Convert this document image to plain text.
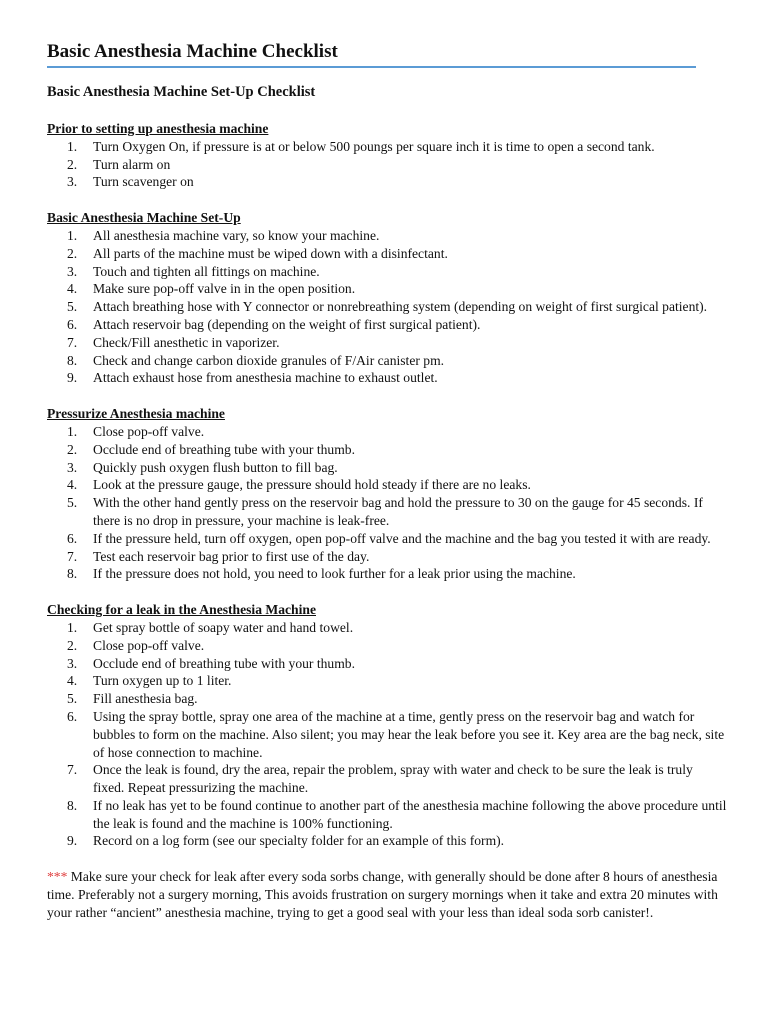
Basic Anesthesia Machine Checklist
Basic Anesthesia Machine Set-Up Checklist
Prior to setting up anesthesia machine
1.	Turn Oxygen On, if pressure is at or below 500 poungs per square inch it is time to open a second tank.
2.	Turn alarm on
3.	Turn scavenger on
Basic Anesthesia Machine Set-Up
1.	All anesthesia machine vary, so know your machine.
2.	All parts of the machine must be wiped down with a disinfectant.
3.	Touch and tighten all fittings on machine.
4.	Make sure pop-off valve in in the open position.
5.	Attach breathing hose with Y connector or nonrebreathing system (depending on weight of first surgical patient).
6.	Attach reservoir bag (depending on the weight of first surgical patient).
7.	Check/Fill anesthetic in vaporizer.
8.	Check and change carbon dioxide granules of F/Air canister pm.
9.	Attach exhaust hose from anesthesia machine to exhaust outlet.
Pressurize Anesthesia machine
1.	Close pop-off valve.
2.	Occlude end of breathing tube with your thumb.
3.	Quickly push oxygen flush button to fill bag.
4.	Look at the pressure gauge, the pressure should hold steady if there are no leaks.
5.	With the other hand gently press on the reservoir bag and hold the pressure to 30 on the gauge for 45 seconds. If there is no drop in pressure, your machine is leak-free.
6.	If the pressure held, turn off oxygen, open pop-off valve and the machine and the bag you tested it with are ready.
7.	Test each reservoir bag prior to first use of the day.
8.	If the pressure does not hold, you need to look further for a leak prior using the machine.
Checking for a leak in the Anesthesia Machine
1.	Get spray bottle of soapy water and hand towel.
2.	Close pop-off valve.
3.	Occlude end of breathing tube with your thumb.
4.	Turn oxygen up to 1 liter.
5.	Fill anesthesia bag.
6.	Using the spray bottle, spray one area of the machine at a time, gently press on the reservoir bag and watch for bubbles to form on the machine. Also silent; you may hear the leak before you see it. Key area are the bag neck, site of hose connection to machine.
7.	Once the leak is found, dry the area, repair the problem, spray with water and check to be sure the leak is truly fixed. Repeat pressurizing the machine.
8.	If no leak has yet to be found continue to another part of the anesthesia machine following the above procedure until the leak is found and the machine is 100% functioning.
9.	Record on a log form (see our specialty folder for an example of this form).
*** Make sure your check for leak after every soda sorbs change, with generally should be done after 8 hours of anesthesia time. Preferably not a surgery morning, This avoids frustration on surgery mornings when it take and extra 20 minutes with your rather “ancient” anesthesia machine, trying to get a good seal with your less than ideal soda sorb canister!.
